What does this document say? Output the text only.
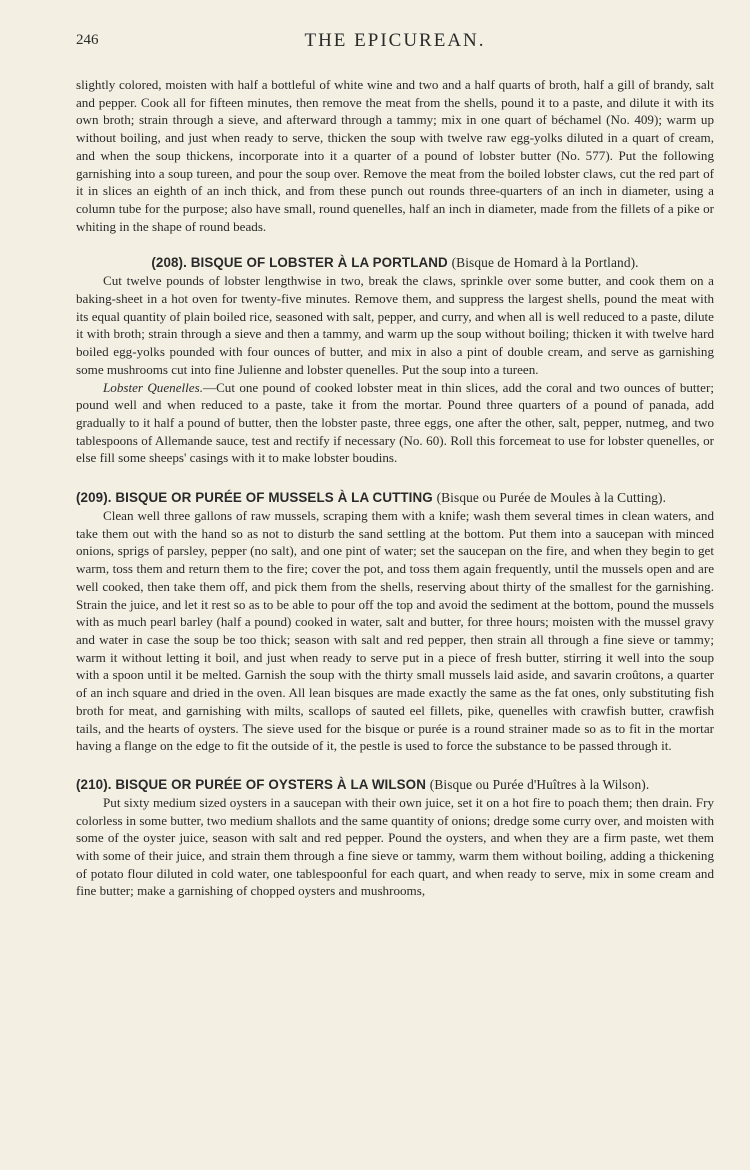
246	THE EPICUREAN.

slightly colored, moisten with half a bottleful of white wine and two and a half quarts of broth, half a gill of brandy, salt and pepper. Cook all for fifteen minutes, then remove the meat from the shells, pound it to a paste, and dilute it with its own broth; strain through a sieve, and afterward through a tammy; mix in one quart of béchamel (No. 409); warm up without boiling, and just when ready to serve, thicken the soup with twelve raw egg-yolks diluted in a quart of cream, and when the soup thickens, incorporate into it a quarter of a pound of lobster butter (No. 577). Put the following garnishing into a soup tureen, and pour the soup over. Remove the meat from the boiled lobster claws, cut the red part of it in slices an eighth of an inch thick, and from these punch out rounds three-quarters of an inch in diameter, using a column tube for the purpose; also have small, round quenelles, half an inch in diameter, made from the fillets of a pike or whiting in the shape of round beads.

(208). BISQUE OF LOBSTER À LA PORTLAND (Bisque de Homard à la Portland).

Cut twelve pounds of lobster lengthwise in two, break the claws, sprinkle over some butter, and cook them on a baking-sheet in a hot oven for twenty-five minutes. Remove them, and suppress the largest shells, pound the meat with its equal quantity of plain boiled rice, seasoned with salt, pepper, and curry, and when all is well reduced to a paste, dilute it with broth; strain through a sieve and then a tammy, and warm up the soup without boiling; thicken it with twelve hard boiled egg-yolks pounded with four ounces of butter, and mix in also a pint of double cream, and serve as garnishing some mushrooms cut into fine Julienne and lobster quenelles. Put the soup into a tureen.

Lobster Quenelles.—Cut one pound of cooked lobster meat in thin slices, add the coral and two ounces of butter; pound well and when reduced to a paste, take it from the mortar. Pound three quarters of a pound of panada, add gradually to it half a pound of butter, then the lobster paste, three eggs, one after the other, salt, pepper, nutmeg, and two tablespoons of Allemande sauce, test and rectify if necessary (No. 60). Roll this forcemeat to use for lobster quenelles, or else fill some sheeps' casings with it to make lobster boudins.

(209). BISQUE OR PURÉE OF MUSSELS À LA CUTTING (Bisque ou Purée de Moules à la Cutting).

Clean well three gallons of raw mussels, scraping them with a knife; wash them several times in clean waters, and take them out with the hand so as not to disturb the sand settling at the bottom. Put them into a saucepan with minced onions, sprigs of parsley, pepper (no salt), and one pint of water; set the saucepan on the fire, and when they begin to get warm, toss them and return them to the fire; cover the pot, and toss them again frequently, until the mussels open and are well cooked, then take them off, and pick them from the shells, reserving about thirty of the smallest for the garnishing. Strain the juice, and let it rest so as to be able to pour off the top and avoid the sediment at the bottom, pound the mussels with as much pearl barley (half a pound) cooked in water, salt and butter, for three hours; moisten with the mussel gravy and water in case the soup be too thick; season with salt and red pepper, then strain all through a fine sieve or tammy; warm it without letting it boil, and just when ready to serve put in a piece of fresh butter, stirring it well into the soup with a spoon until it be melted. Garnish the soup with the thirty small mussels laid aside, and savarin croûtons, a quarter of an inch square and dried in the oven. All lean bisques are made exactly the same as the fat ones, only substituting fish broth for meat, and garnishing with milts, scallops of sauted eel fillets, pike, quenelles with crawfish butter, crawfish tails, and the hearts of oysters. The sieve used for the bisque or purée is a round strainer made so as to fit in the mortar having a flange on the edge to fit the outside of it, the pestle is used to force the substance to be passed through it.

(210). BISQUE OR PURÉE OF OYSTERS À LA WILSON (Bisque ou Purée d'Huîtres à la Wilson).

Put sixty medium sized oysters in a saucepan with their own juice, set it on a hot fire to poach them; then drain. Fry colorless in some butter, two medium shallots and the same quantity of onions; dredge some curry over, and moisten with some of the oyster juice, season with salt and red pepper. Pound the oysters, and when they are a firm paste, wet them with some of their juice, and strain them through a fine sieve or tammy, warm them without boiling, adding a thickening of potato flour diluted in cold water, one tablespoonful for each quart, and when ready to serve, mix in some cream and fine butter; make a garnishing of chopped oysters and mushrooms,
